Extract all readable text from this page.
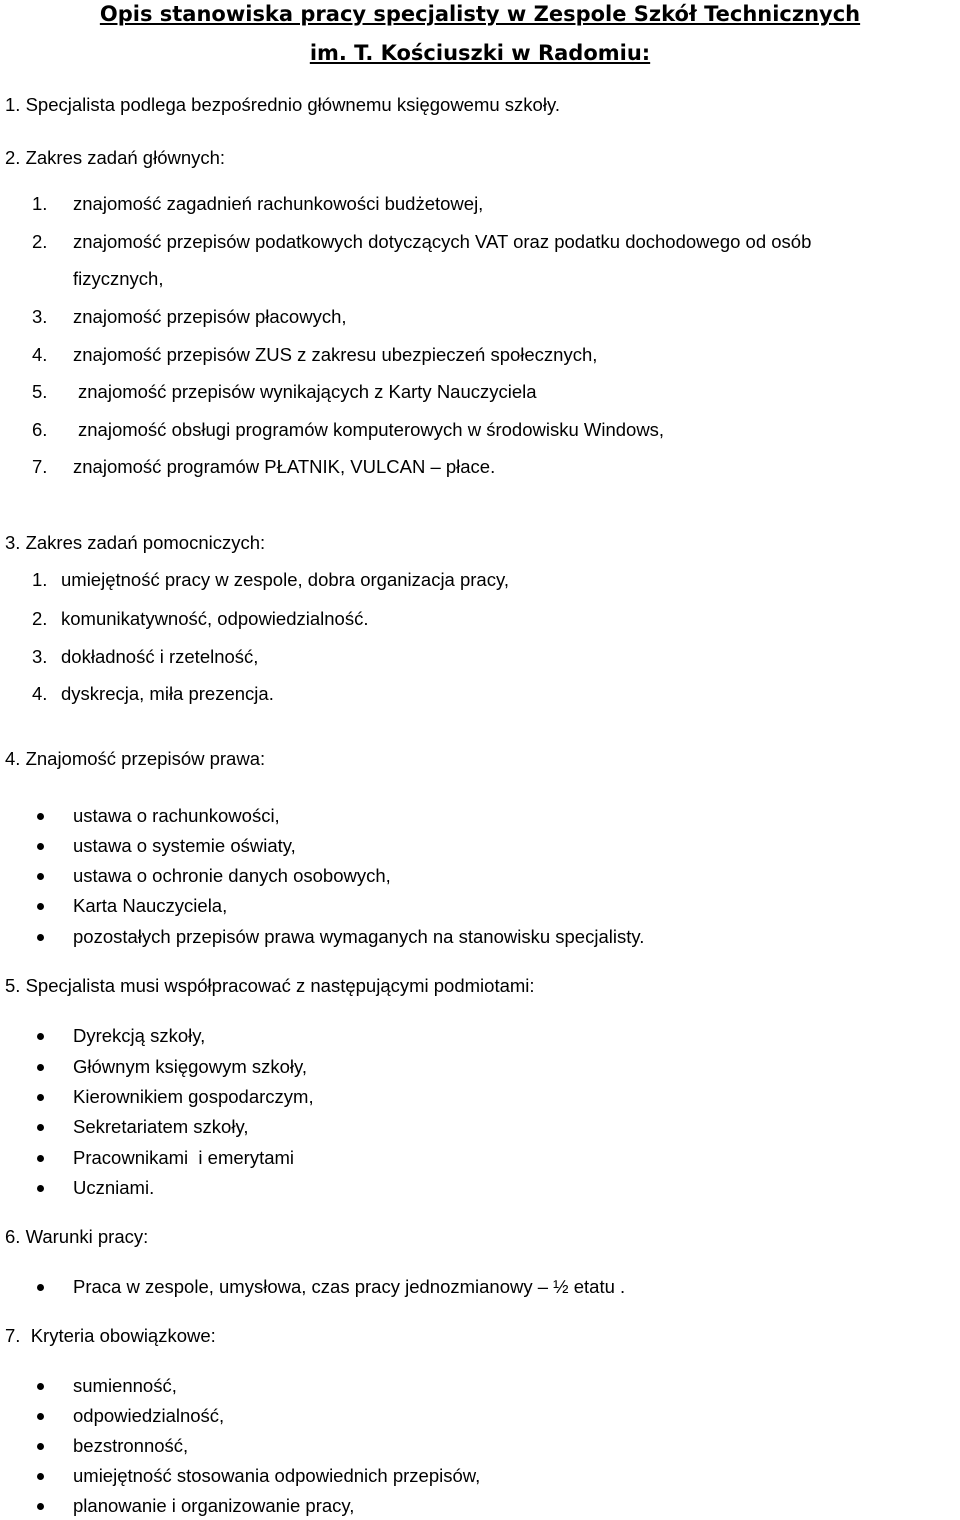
Opis stanowiska pracy specjalisty w Zespole Szkół Technicznych
im. T. Kościuszki w Radomiu:
1. Specjalista podlega bezpośrednio głównemu księgowemu szkoły.
2. Zakres zadań głównych:
1. znajomość zagadnień rachunkowości budżetowej,
2. znajomość przepisów podatkowych dotyczących VAT oraz podatku dochodowego od osób
fizycznych,
3. znajomość przepisów płacowych,
4. znajomość przepisów ZUS z zakresu ubezpieczeń społecznych,
5. znajomość przepisów wynikających z Karty Nauczyciela
6. znajomość obsługi programów komputerowych w środowisku Windows,
7. znajomość programów PŁATNIK, VULCAN – płace.
3. Zakres zadań pomocniczych:
1. umiejętność pracy w zespole, dobra organizacja pracy,
2. komunikatywność, odpowiedzialność.
3. dokładność i rzetelność,
4. dyskrecja, miła prezencja.
4. Znajomość przepisów prawa:
ustawa o rachunkowości,
ustawa o systemie oświaty,
ustawa o ochronie danych osobowych,
Karta Nauczyciela,
pozostałych przepisów prawa wymaganych na stanowisku specjalisty.
5. Specjalista musi współpracować z następującymi podmiotami:
Dyrekcją szkoły,
Głównym księgowym szkoły,
Kierownikiem gospodarczym,
Sekretariatem szkoły,
Pracownikami  i emerytami
Uczniami.
6. Warunki pracy:
Praca w zespole, umysłowa, czas pracy jednozmianowy – ½ etatu .
7.  Kryteria obowiązkowe:
sumienność,
odpowiedzialność,
bezstronność,
umiejętność stosowania odpowiednich przepisów,
planowanie i organizowanie pracy,
